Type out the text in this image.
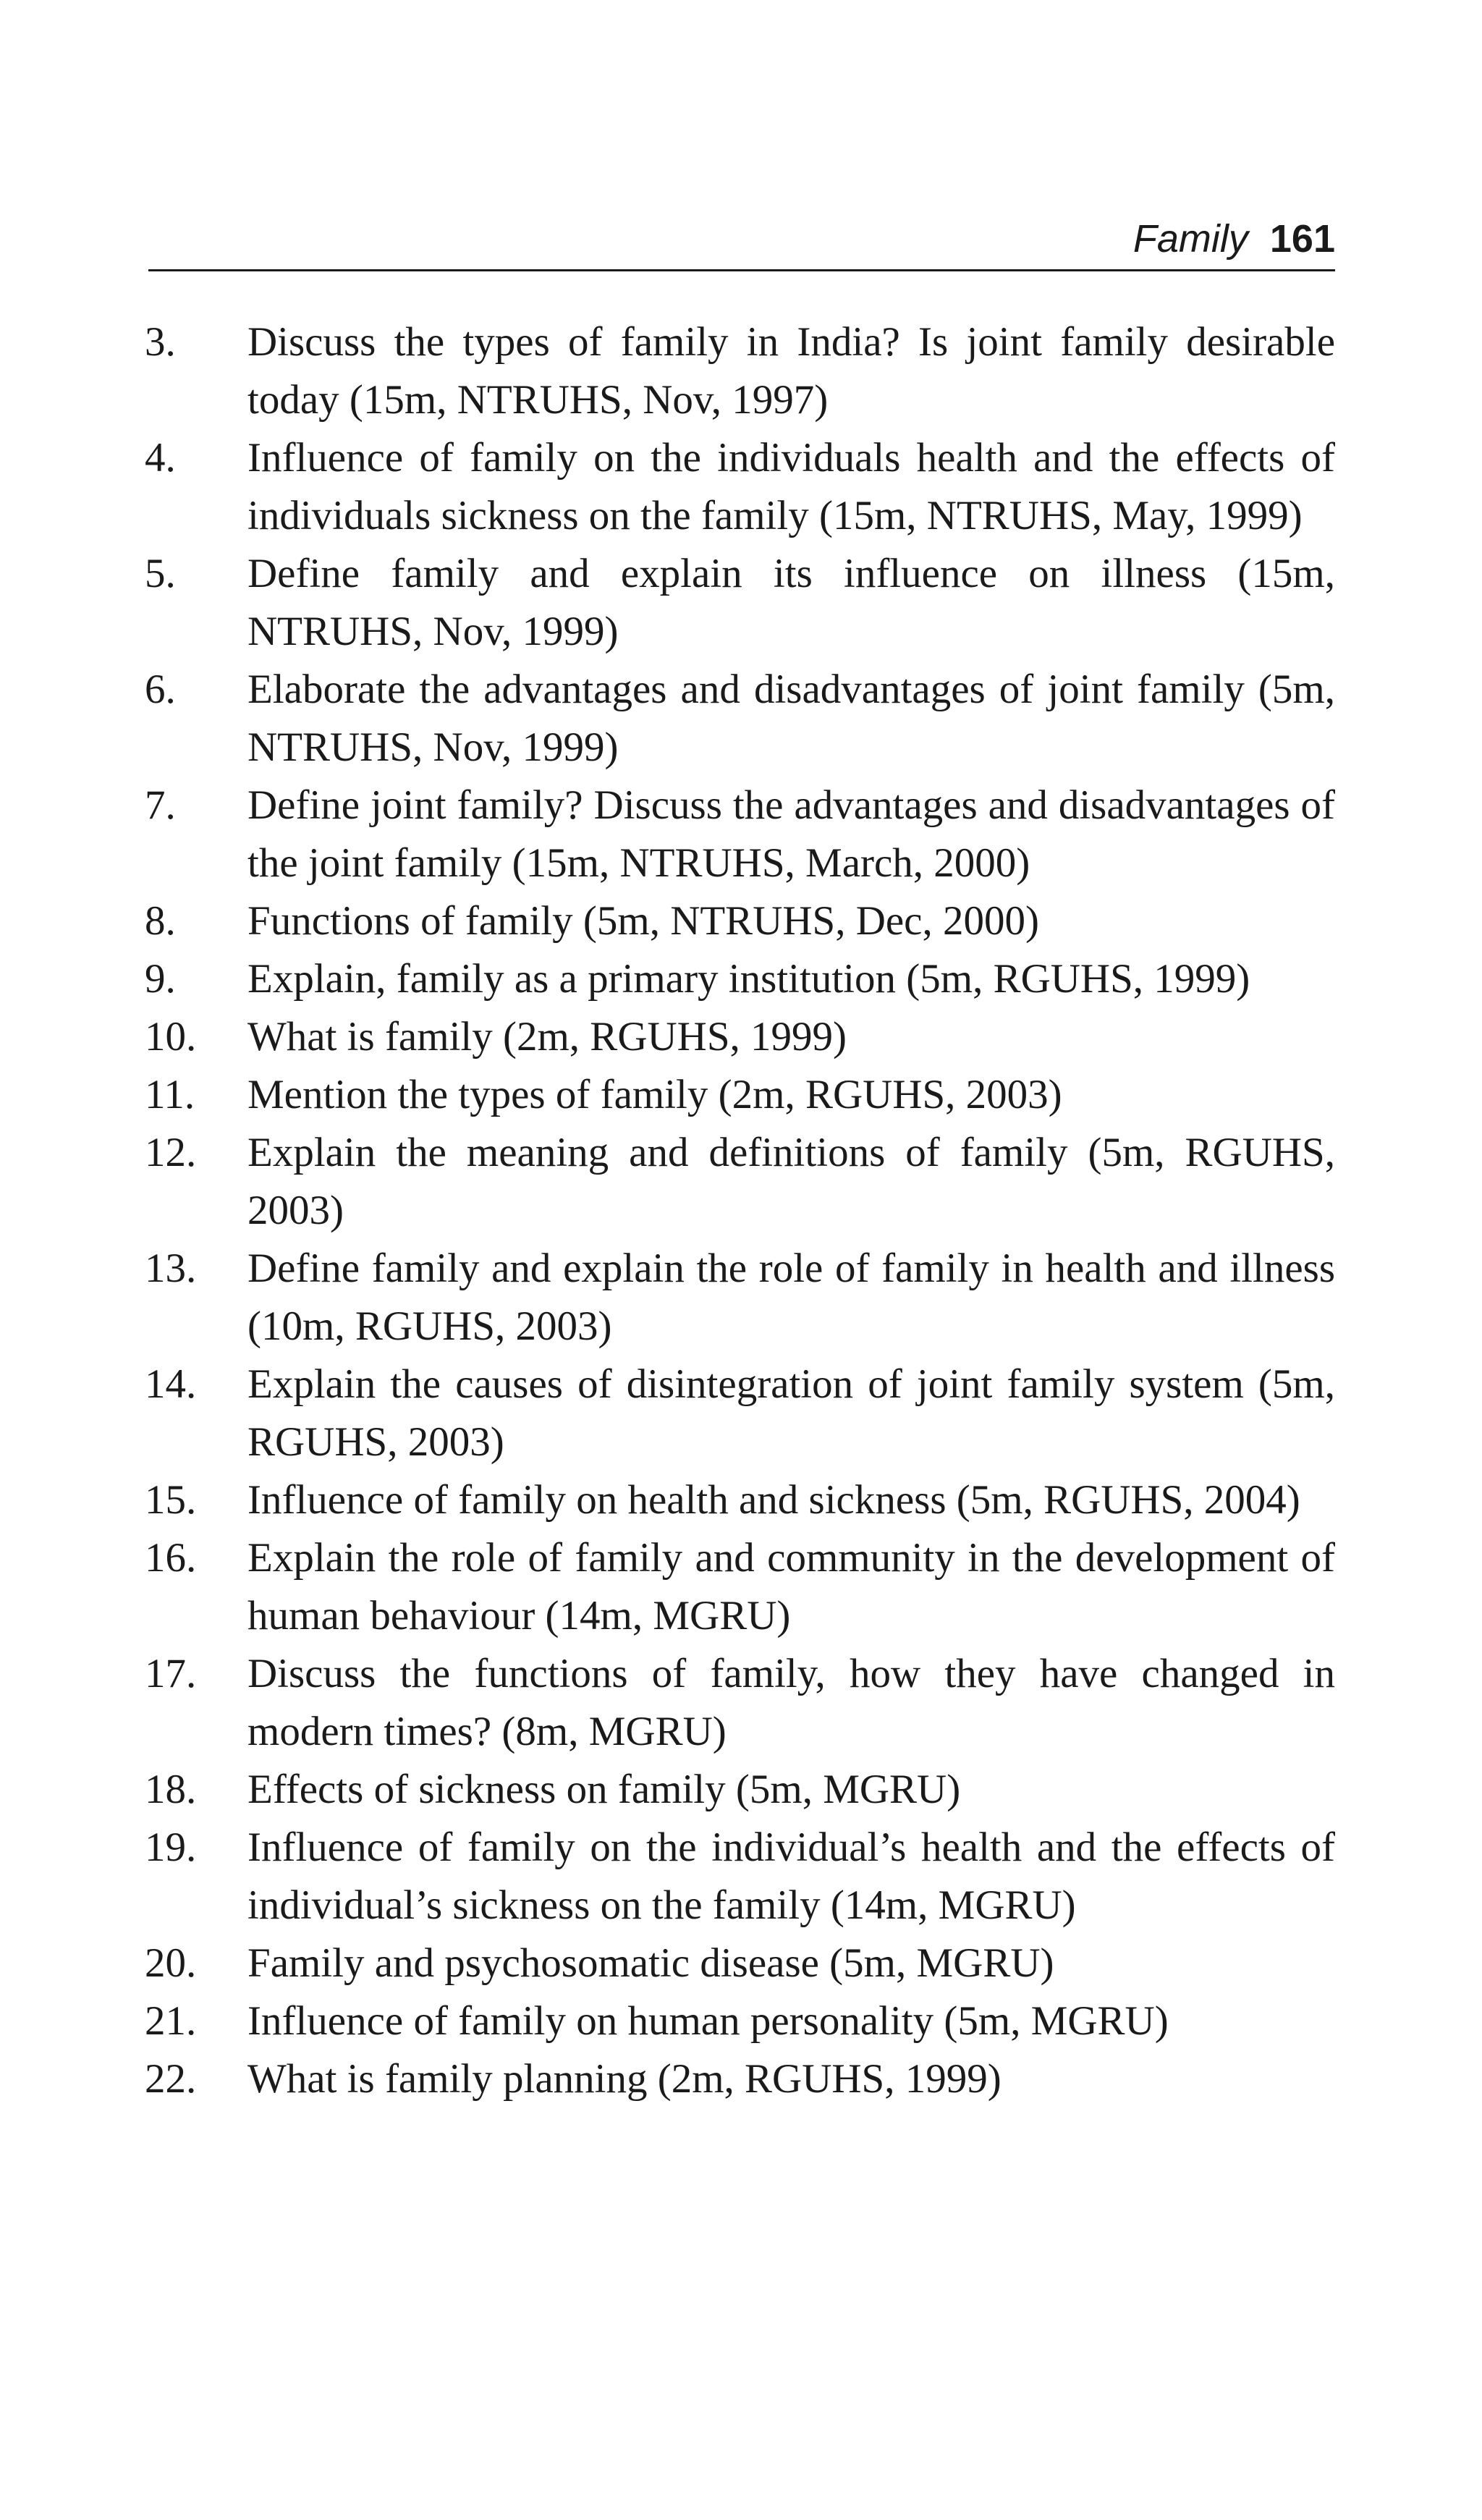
Family 161
3.	Discuss the types of family in India? Is joint family desirable today (15m, NTRUHS, Nov, 1997)
4.	Influence of family on the individuals health and the effects of individuals sickness on the family (15m, NTRUHS, May, 1999)
5.	Define family and explain its influence on illness (15m, NTRUHS, Nov, 1999)
6.	Elaborate the advantages and disadvantages of joint family (5m, NTRUHS, Nov, 1999)
7.	Define joint family? Discuss the advantages and disadvantages of the joint family (15m, NTRUHS, March, 2000)
8.	Functions of family (5m, NTRUHS, Dec, 2000)
9.	Explain, family as a primary institution (5m, RGUHS, 1999)
10.	What is family (2m, RGUHS, 1999)
11.	Mention the types of family (2m, RGUHS, 2003)
12.	Explain the meaning and definitions of family (5m, RGUHS, 2003)
13.	Define family and explain the role of family in health and illness (10m, RGUHS, 2003)
14.	Explain the causes of disintegration of joint family system (5m, RGUHS, 2003)
15.	Influence of family on health and sickness (5m, RGUHS, 2004)
16.	Explain the role of family and community in the development of human behaviour (14m, MGRU)
17.	Discuss the functions of family, how they have changed in modern times? (8m, MGRU)
18.	Effects of sickness on family (5m, MGRU)
19.	Influence of family on the individual’s health and the effects of individual’s sickness on the family (14m, MGRU)
20.	Family and psychosomatic disease (5m, MGRU)
21.	Influence of family on human personality (5m, MGRU)
22.	What is family planning (2m, RGUHS, 1999)
